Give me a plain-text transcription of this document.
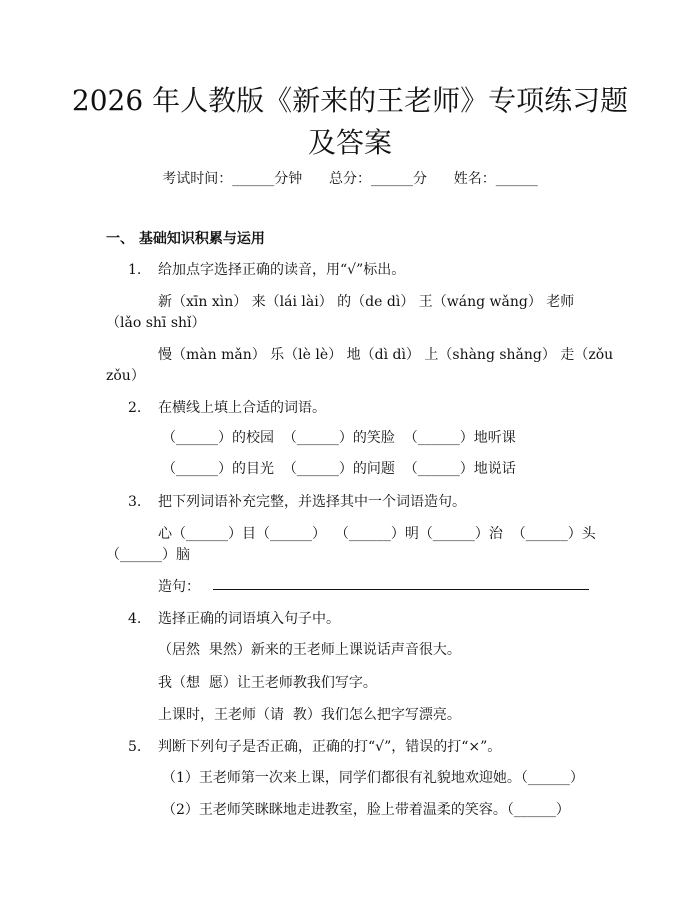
2026 年人教版《新来的王老师》专项练习题
及答案
考试时间：______分钟      总分：______分      姓名：______
一、 基础知识积累与运用
1. 给加点字选择正确的读音，用“√”标出。
新（xīn xìn） 来（lái lài） 的（de dì） 王（wáng wǎng） 老师
（lǎo shī shǐ）
慢（màn mǎn） 乐（lè lè） 地（dì dì） 上（shàng shǎng） 走（zǒu
zǒu）
2. 在横线上填上合适的词语。
（______）的校园  （______）的笑脸  （______）地听课
（______）的目光  （______）的问题  （______）地说话
3. 把下列词语补充完整，并选择其中一个词语造句。
心（______）目（______）  （______）明（______）治  （______）头
（______）脑
造句：
4. 选择正确的词语填入句子中。
（居然  果然）新来的王老师上课说话声音很大。
我（想  愿）让王老师教我们写字。
上课时，王老师（请  教）我们怎么把字写漂亮。
5. 判断下列句子是否正确，正确的打“√”，错误的打“×”。
（1）王老师第一次来上课，同学们都很有礼貌地欢迎她。（______）
（2）王老师笑眯眯地走进教室，脸上带着温柔的笑容。（______）
